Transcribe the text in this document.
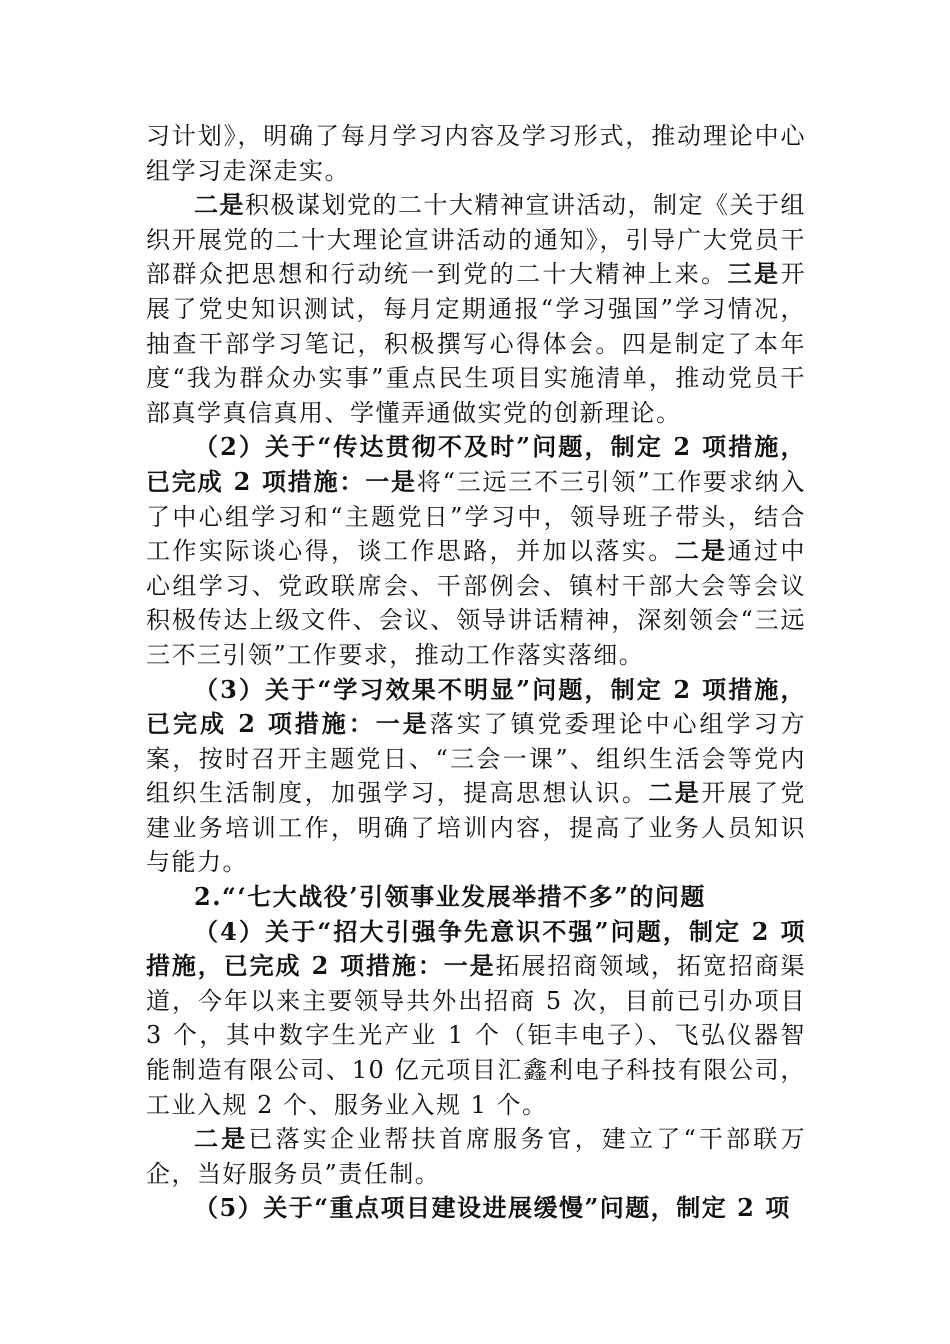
习计划》，明确了每月学习内容及学习形式，推动理论中心组学习走深走实。

二是积极谋划党的二十大精神宣讲活动，制定《关于组织开展党的二十大理论宣讲活动的通知》，引导广大党员干部群众把思想和行动统一到党的二十大精神上来。三是开展了党史知识测试，每月定期通报“学习强国”学习情况，抽查干部学习笔记，积极撰写心得体会。四是制定了本年度“我为群众办实事”重点民生项目实施清单，推动党员干部真学真信真用、学懂弄通做实党的创新理论。

（2）关于“传达贯彻不及时”问题，制定 2 项措施，已完成 2 项措施：一是将“三远三不三引领”工作要求纳入了中心组学习和“主题党日”学习中，领导班子带头，结合工作实际谈心得，谈工作思路，并加以落实。二是通过中心组学习、党政联席会、干部例会、镇村干部大会等会议积极传达上级文件、会议、领导讲话精神，深刻领会“三远三不三引领”工作要求，推动工作落实落细。

（3）关于“学习效果不明显”问题，制定 2 项措施，已完成 2 项措施：一是落实了镇党委理论中心组学习方案，按时召开主题党日、“三会一课”、组织生活会等党内组织生活制度，加强学习，提高思想认识。二是开展了党建业务培训工作，明确了培训内容，提高了业务人员知识与能力。

2.“‘七大战役’引领事业发展举措不多”的问题

（4）关于“招大引强争先意识不强”问题，制定 2 项措施，已完成 2 项措施：一是拓展招商领域，拓宽招商渠道，今年以来主要领导共外出招商 5 次，目前已引办项目 3 个，其中数字生光产业 1 个（钜丰电子）、飞弘仪器智能制造有限公司、10 亿元项目汇鑫利电子科技有限公司，工业入规 2 个、服务业入规 1 个。

二是已落实企业帮扶首席服务官，建立了“干部联万企，当好服务员”责任制。

（5）关于“重点项目建设进展缓慢”问题，制定 2 项
